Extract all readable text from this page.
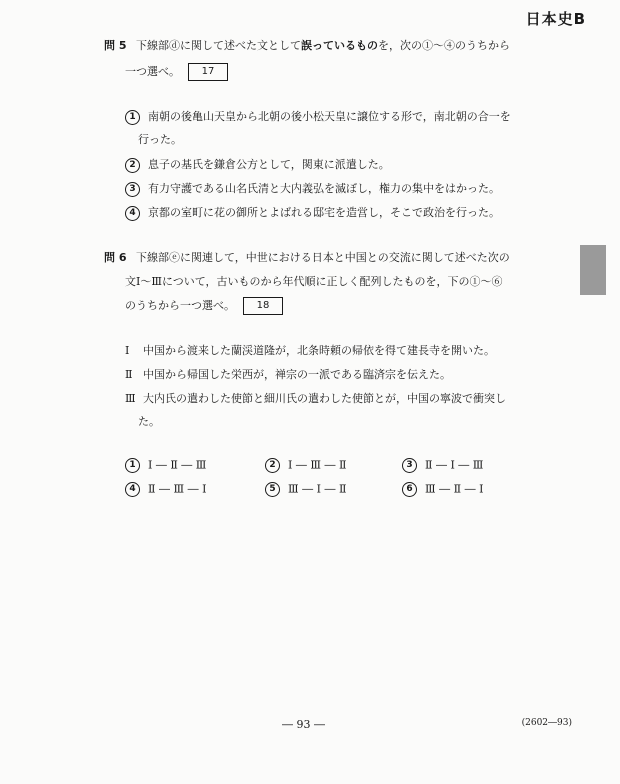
日本史B
問 5 下線部ⓓに関して述べた文として誤っているものを，次の①～④のうちから
一つ選べ。 17
1 南朝の後亀山天皇から北朝の後小松天皇に譲位する形で，南北朝の合一を
行った。
2 息子の基氏を鎌倉公方として，関東に派遣した。
3 有力守護である山名氏清と大内義弘を滅ぼし，権力の集中をはかった。
4 京都の室町に花の御所とよばれる邸宅を造営し，そこで政治を行った。
問 6 下線部ⓔに関連して，中世における日本と中国との交流に関して述べた次の
文Ⅰ～Ⅲについて，古いものから年代順に正しく配列したものを，下の①～⑥
のうちから一つ選べ。 18
Ⅰ 中国から渡来した蘭渓道隆が，北条時頼の帰依を得て建長寺を開いた。
Ⅱ 中国から帰国した栄西が，禅宗の一派である臨済宗を伝えた。
Ⅲ 大内氏の遣わした使節と細川氏の遣わした使節とが，中国の寧波で衝突し
た。
1 Ⅰ ― Ⅱ ― Ⅲ	2 Ⅰ ― Ⅲ ― Ⅱ	3 Ⅱ ― Ⅰ ― Ⅲ
4 Ⅱ ― Ⅲ ― Ⅰ	5 Ⅲ ― Ⅰ ― Ⅱ	6 Ⅲ ― Ⅱ ― Ⅰ
― 93 ―	(2602―93)
